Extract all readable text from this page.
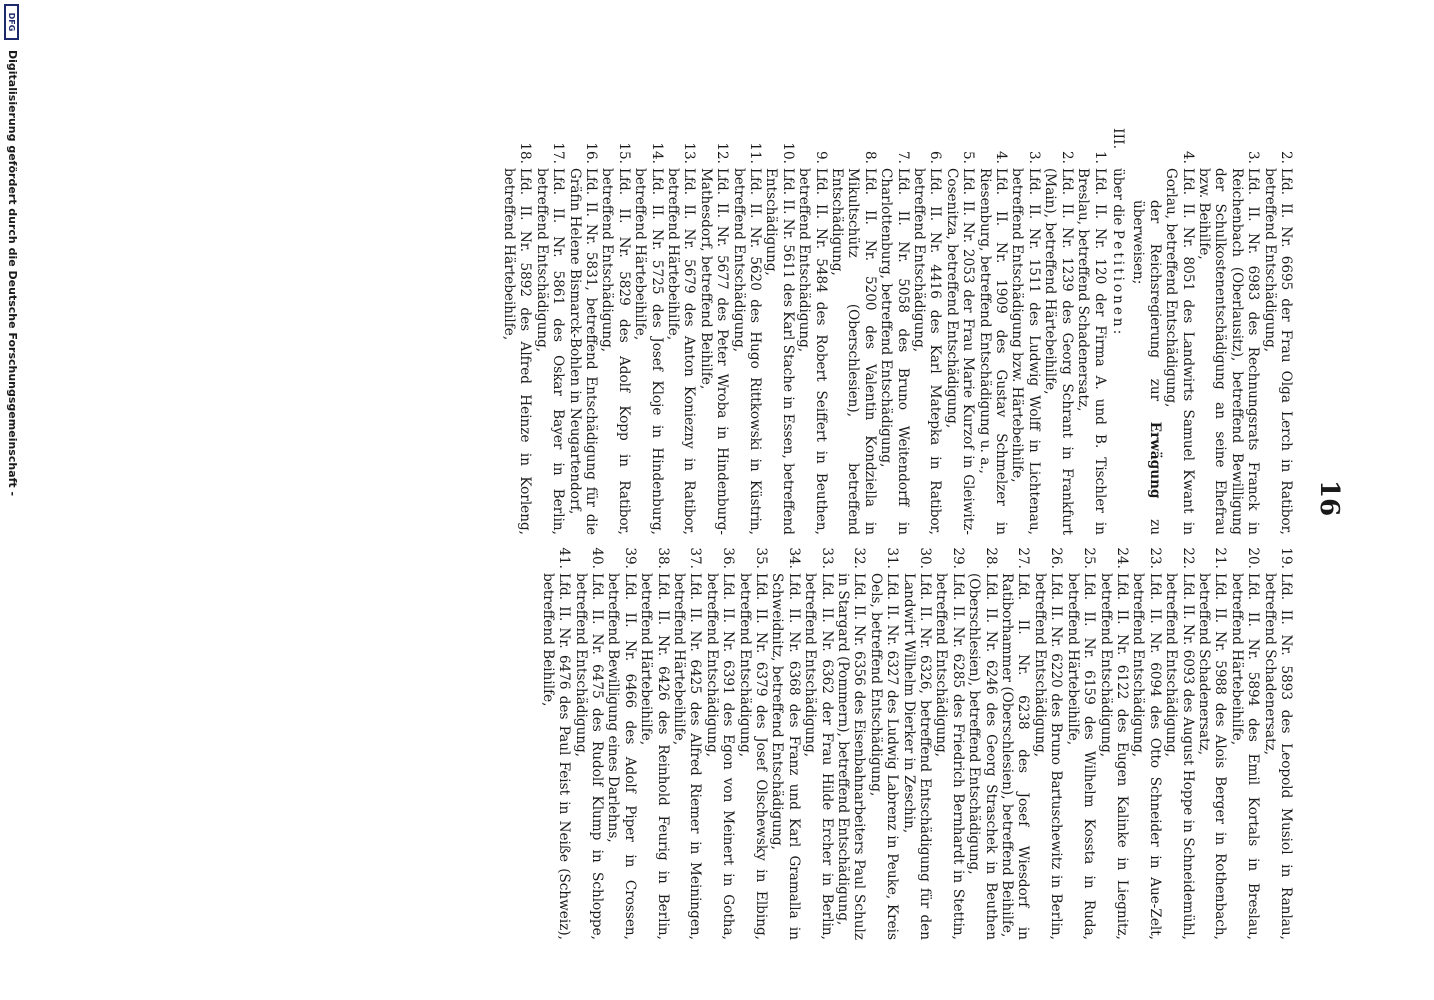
16
2.
Lfd. II. Nr. 6695 der Frau Olga Lerch in Ratibor, betreffend Entschädigung,
3.
Lfd. II. Nr. 6983 des Rechnungsrats Franck in Reichenbach (Oberlausitz), betreffend Bewilligung der Schulkostenentschädigung an seine Ehefrau bzw. Beihilfe,
4.
Lfd. II. Nr. 8051 des Landwirts Samuel Kwant in Gorlau, betreffend Entschädigung,
der Reichsregierung zur Erwägung zu überweisen;
III.
über die Petitionen:
1.
Lfd. II. Nr. 120 der Firma A. und B. Tischler in Breslau, betreffend Schadenersatz,
2.
Lfd. II. Nr. 1239 des Georg Schrant in Frankfurt (Main), betreffend Härtebeihilfe,
3.
Lfd. II. Nr. 1511 des Ludwig Wolff in Lichtenau, betreffend Entschädigung bzw. Härtebeihilfe,
4.
Lfd. II. Nr. 1909 des Gustav Schmelzer in Riesenburg, betreffend Entschädigung u. a.,
5.
Lfd. II. Nr. 2053 der Frau Marie Kurzof in Gleiwitz-Cosenitza, betreffend Entschädigung,
6.
Lfd. II. Nr. 4416 des Karl Matepka in Ratibor, betreffend Entschädigung,
7.
Lfd. II. Nr. 5058 des Bruno Weitendorff in Charlottenburg, betreffend Entschädigung,
8.
Lfd. II. Nr. 5200 des Valentin Kondziella in Mikultschütz (Oberschlesien), betreffend Entschädigung,
9.
Lfd. II. Nr. 5484 des Robert Seiffert in Beuthen, betreffend Entschädigung,
10.
Lfd. II. Nr. 5611 des Karl Stache in Essen, betreffend Entschädigung,
11.
Lfd. II. Nr. 5620 des Hugo Rittkowski in Küstrin, betreffend Entschädigung,
12.
Lfd. II. Nr. 5677 des Peter Wroba in Hindenburg-Mathesdorf, betreffend Beihilfe,
13.
Lfd. II. Nr. 5679 des Anton Koniezny in Ratibor, betreffend Härtebeihilfe,
14.
Lfd. II. Nr. 5725 des Josef Kloje in Hindenburg, betreffend Härtebeihilfe,
15.
Lfd. II. Nr. 5829 des Adolf Kopp in Ratibor, betreffend Entschädigung,
16.
Lfd. II. Nr. 5831, betreffend Entschädigung für die Gräfin Helene Bismarck-Bohlen in Neugartendorf,
17.
Lfd. II. Nr. 5861 des Oskar Bayer in Berlin, betreffend Entschädigung,
18.
Lfd. II. Nr. 5892 des Alfred Heinze in Korleng, betreffend Härtebeihilfe,
19.
Lfd. II. Nr. 5893 des Leopold Musiol in Ranlau, betreffend Schadenersatz,
20.
Lfd. II. Nr. 5894 des Emil Kortals in Breslau, betreffend Härtebeihilfe,
21.
Lfd. II. Nr. 5988 des Alois Berger in Rothenbach, betreffend Schadenersatz,
22.
Lfd. II. Nr. 6093 des August Hoppe in Schneidemühl, betreffend Entschädigung,
23.
Lfd. II. Nr. 6094 des Otto Schneider in Aue-Zelt, betreffend Entschädigung,
24.
Lfd. II. Nr. 6122 des Eugen Kalinke in Liegnitz, betreffend Entschädigung,
25.
Lfd. II. Nr. 6159 des Wilhelm Kossta in Ruda, betreffend Härtebeihilfe,
26.
Lfd. II. Nr. 6220 des Bruno Bartuschewitz in Berlin, betreffend Entschädigung,
27.
Lfd. II. Nr. 6238 des Josef Wiesdorf in Ratiborhammer (Oberschlesien), betreffend Beihilfe,
28.
Lfd. II. Nr. 6246 des Georg Straschek in Beuthen (Oberschlesien), betreffend Entschädigung,
29.
Lfd. II. Nr. 6285 des Friedrich Bernhardt in Stettin, betreffend Entschädigung,
30.
Lfd. II. Nr. 6326, betreffend Entschädigung für den Landwirt Wilhelm Dierker in Zeschin,
31.
Lfd. II. Nr. 6327 des Ludwig Labrenz in Peuke, Kreis Oels, betreffend Entschädigung,
32.
Lfd. II. Nr. 6356 des Eisenbahnarbeiters Paul Schulz in Stargard (Pommern), betreffend Entschädigung,
33.
Lfd. II. Nr. 6362 der Frau Hilde Ercher in Berlin, betreffend Entschädigung,
34.
Lfd. II. Nr. 6368 des Franz und Karl Gramalla in Schweidnitz, betreffend Entschädigung,
35.
Lfd. II. Nr. 6379 des Josef Olschewsky in Elbing, betreffend Entschädigung,
36.
Lfd. II. Nr. 6391 des Egon von Meinert in Gotha, betreffend Entschädigung,
37.
Lfd. II. Nr. 6425 des Alfred Riemer in Meiningen, betreffend Härtebeihilfe,
38.
Lfd. II. Nr. 6426 des Reinhold Feurig in Berlin, betreffend Härtebeihilfe,
39.
Lfd. II. Nr. 6466 des Adolf Piper in Crossen, betreffend Bewilligung eines Darlehns,
40.
Lfd. II. Nr. 6475 des Rudolf Klump in Schloppe, betreffend Entschädigung,
41.
Lfd. II. Nr. 6476 des Paul Feist in Neiße (Schweiz), betreffend Beihilfe,
DFG
Digitalisierung gefördert durch die Deutsche Forschungsgemeinschaft -
